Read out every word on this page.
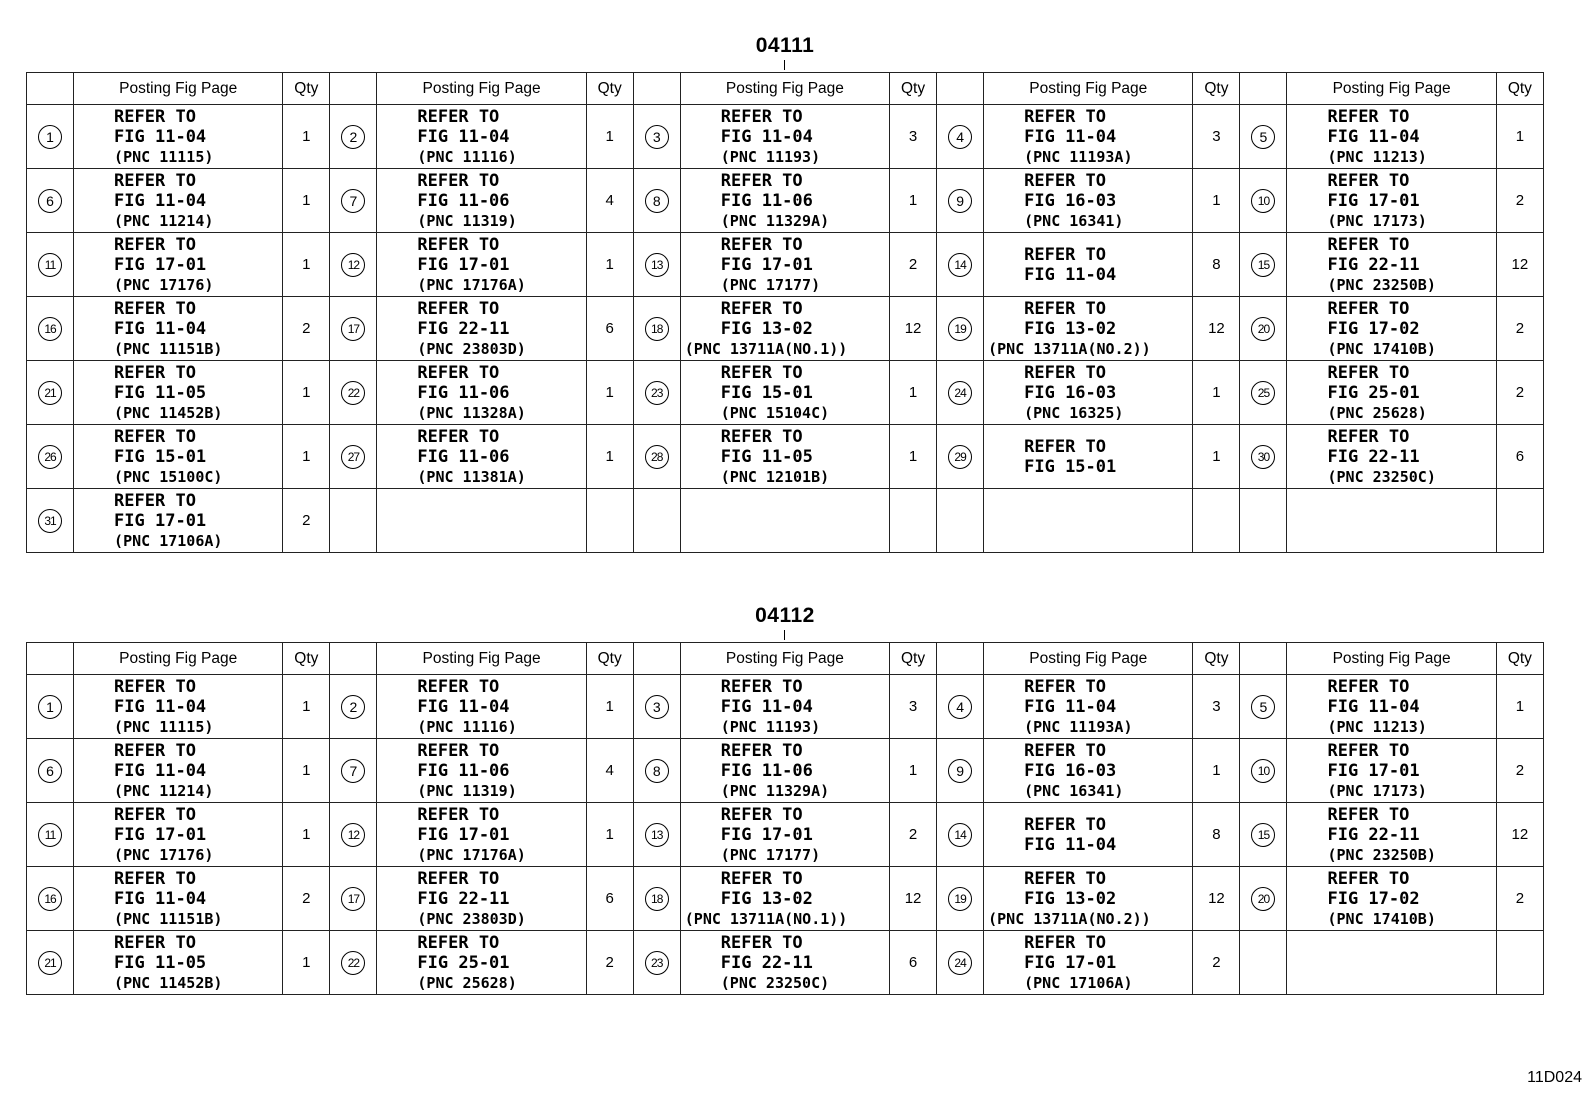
04111
	Posting Fig Page	Qty		Posting Fig Page	Qty		Posting Fig Page	Qty		Posting Fig Page	Qty		Posting Fig Page	Qty
1	REFER TO
FIG 11-04
(PNC 11115)	1	2	REFER TO
FIG 11-04
(PNC 11116)	1	3	REFER TO
FIG 11-04
(PNC 11193)	3	4	REFER TO
FIG 11-04
(PNC 11193A)	3	5	REFER TO
FIG 11-04
(PNC 11213)	1
6	REFER TO
FIG 11-04
(PNC 11214)	1	7	REFER TO
FIG 11-06
(PNC 11319)	4	8	REFER TO
FIG 11-06
(PNC 11329A)	1	9	REFER TO
FIG 16-03
(PNC 16341)	1	10	REFER TO
FIG 17-01
(PNC 17173)	2
11	REFER TO
FIG 17-01
(PNC 17176)	1	12	REFER TO
FIG 17-01
(PNC 17176A)	1	13	REFER TO
FIG 17-01
(PNC 17177)	2	14	REFER TO
FIG 11-04	8	15	REFER TO
FIG 22-11
(PNC 23250B)	12
16	REFER TO
FIG 11-04
(PNC 11151B)	2	17	REFER TO
FIG 22-11
(PNC 23803D)	6	18	REFER TO
FIG 13-02
(PNC 13711A(NO.1))	12	19	REFER TO
FIG 13-02
(PNC 13711A(NO.2))	12	20	REFER TO
FIG 17-02
(PNC 17410B)	2
21	REFER TO
FIG 11-05
(PNC 11452B)	1	22	REFER TO
FIG 11-06
(PNC 11328A)	1	23	REFER TO
FIG 15-01
(PNC 15104C)	1	24	REFER TO
FIG 16-03
(PNC 16325)	1	25	REFER TO
FIG 25-01
(PNC 25628)	2
26	REFER TO
FIG 15-01
(PNC 15100C)	1	27	REFER TO
FIG 11-06
(PNC 11381A)	1	28	REFER TO
FIG 11-05
(PNC 12101B)	1	29	REFER TO
FIG 15-01	1	30	REFER TO
FIG 22-11
(PNC 23250C)	6
31	REFER TO
FIG 17-01
(PNC 17106A)	2												
04112
	Posting Fig Page	Qty		Posting Fig Page	Qty		Posting Fig Page	Qty		Posting Fig Page	Qty		Posting Fig Page	Qty
1	REFER TO
FIG 11-04
(PNC 11115)	1	2	REFER TO
FIG 11-04
(PNC 11116)	1	3	REFER TO
FIG 11-04
(PNC 11193)	3	4	REFER TO
FIG 11-04
(PNC 11193A)	3	5	REFER TO
FIG 11-04
(PNC 11213)	1
6	REFER TO
FIG 11-04
(PNC 11214)	1	7	REFER TO
FIG 11-06
(PNC 11319)	4	8	REFER TO
FIG 11-06
(PNC 11329A)	1	9	REFER TO
FIG 16-03
(PNC 16341)	1	10	REFER TO
FIG 17-01
(PNC 17173)	2
11	REFER TO
FIG 17-01
(PNC 17176)	1	12	REFER TO
FIG 17-01
(PNC 17176A)	1	13	REFER TO
FIG 17-01
(PNC 17177)	2	14	REFER TO
FIG 11-04	8	15	REFER TO
FIG 22-11
(PNC 23250B)	12
16	REFER TO
FIG 11-04
(PNC 11151B)	2	17	REFER TO
FIG 22-11
(PNC 23803D)	6	18	REFER TO
FIG 13-02
(PNC 13711A(NO.1))	12	19	REFER TO
FIG 13-02
(PNC 13711A(NO.2))	12	20	REFER TO
FIG 17-02
(PNC 17410B)	2
21	REFER TO
FIG 11-05
(PNC 11452B)	1	22	REFER TO
FIG 25-01
(PNC 25628)	2	23	REFER TO
FIG 22-11
(PNC 23250C)	6	24	REFER TO
FIG 17-01
(PNC 17106A)	2			
11D024
